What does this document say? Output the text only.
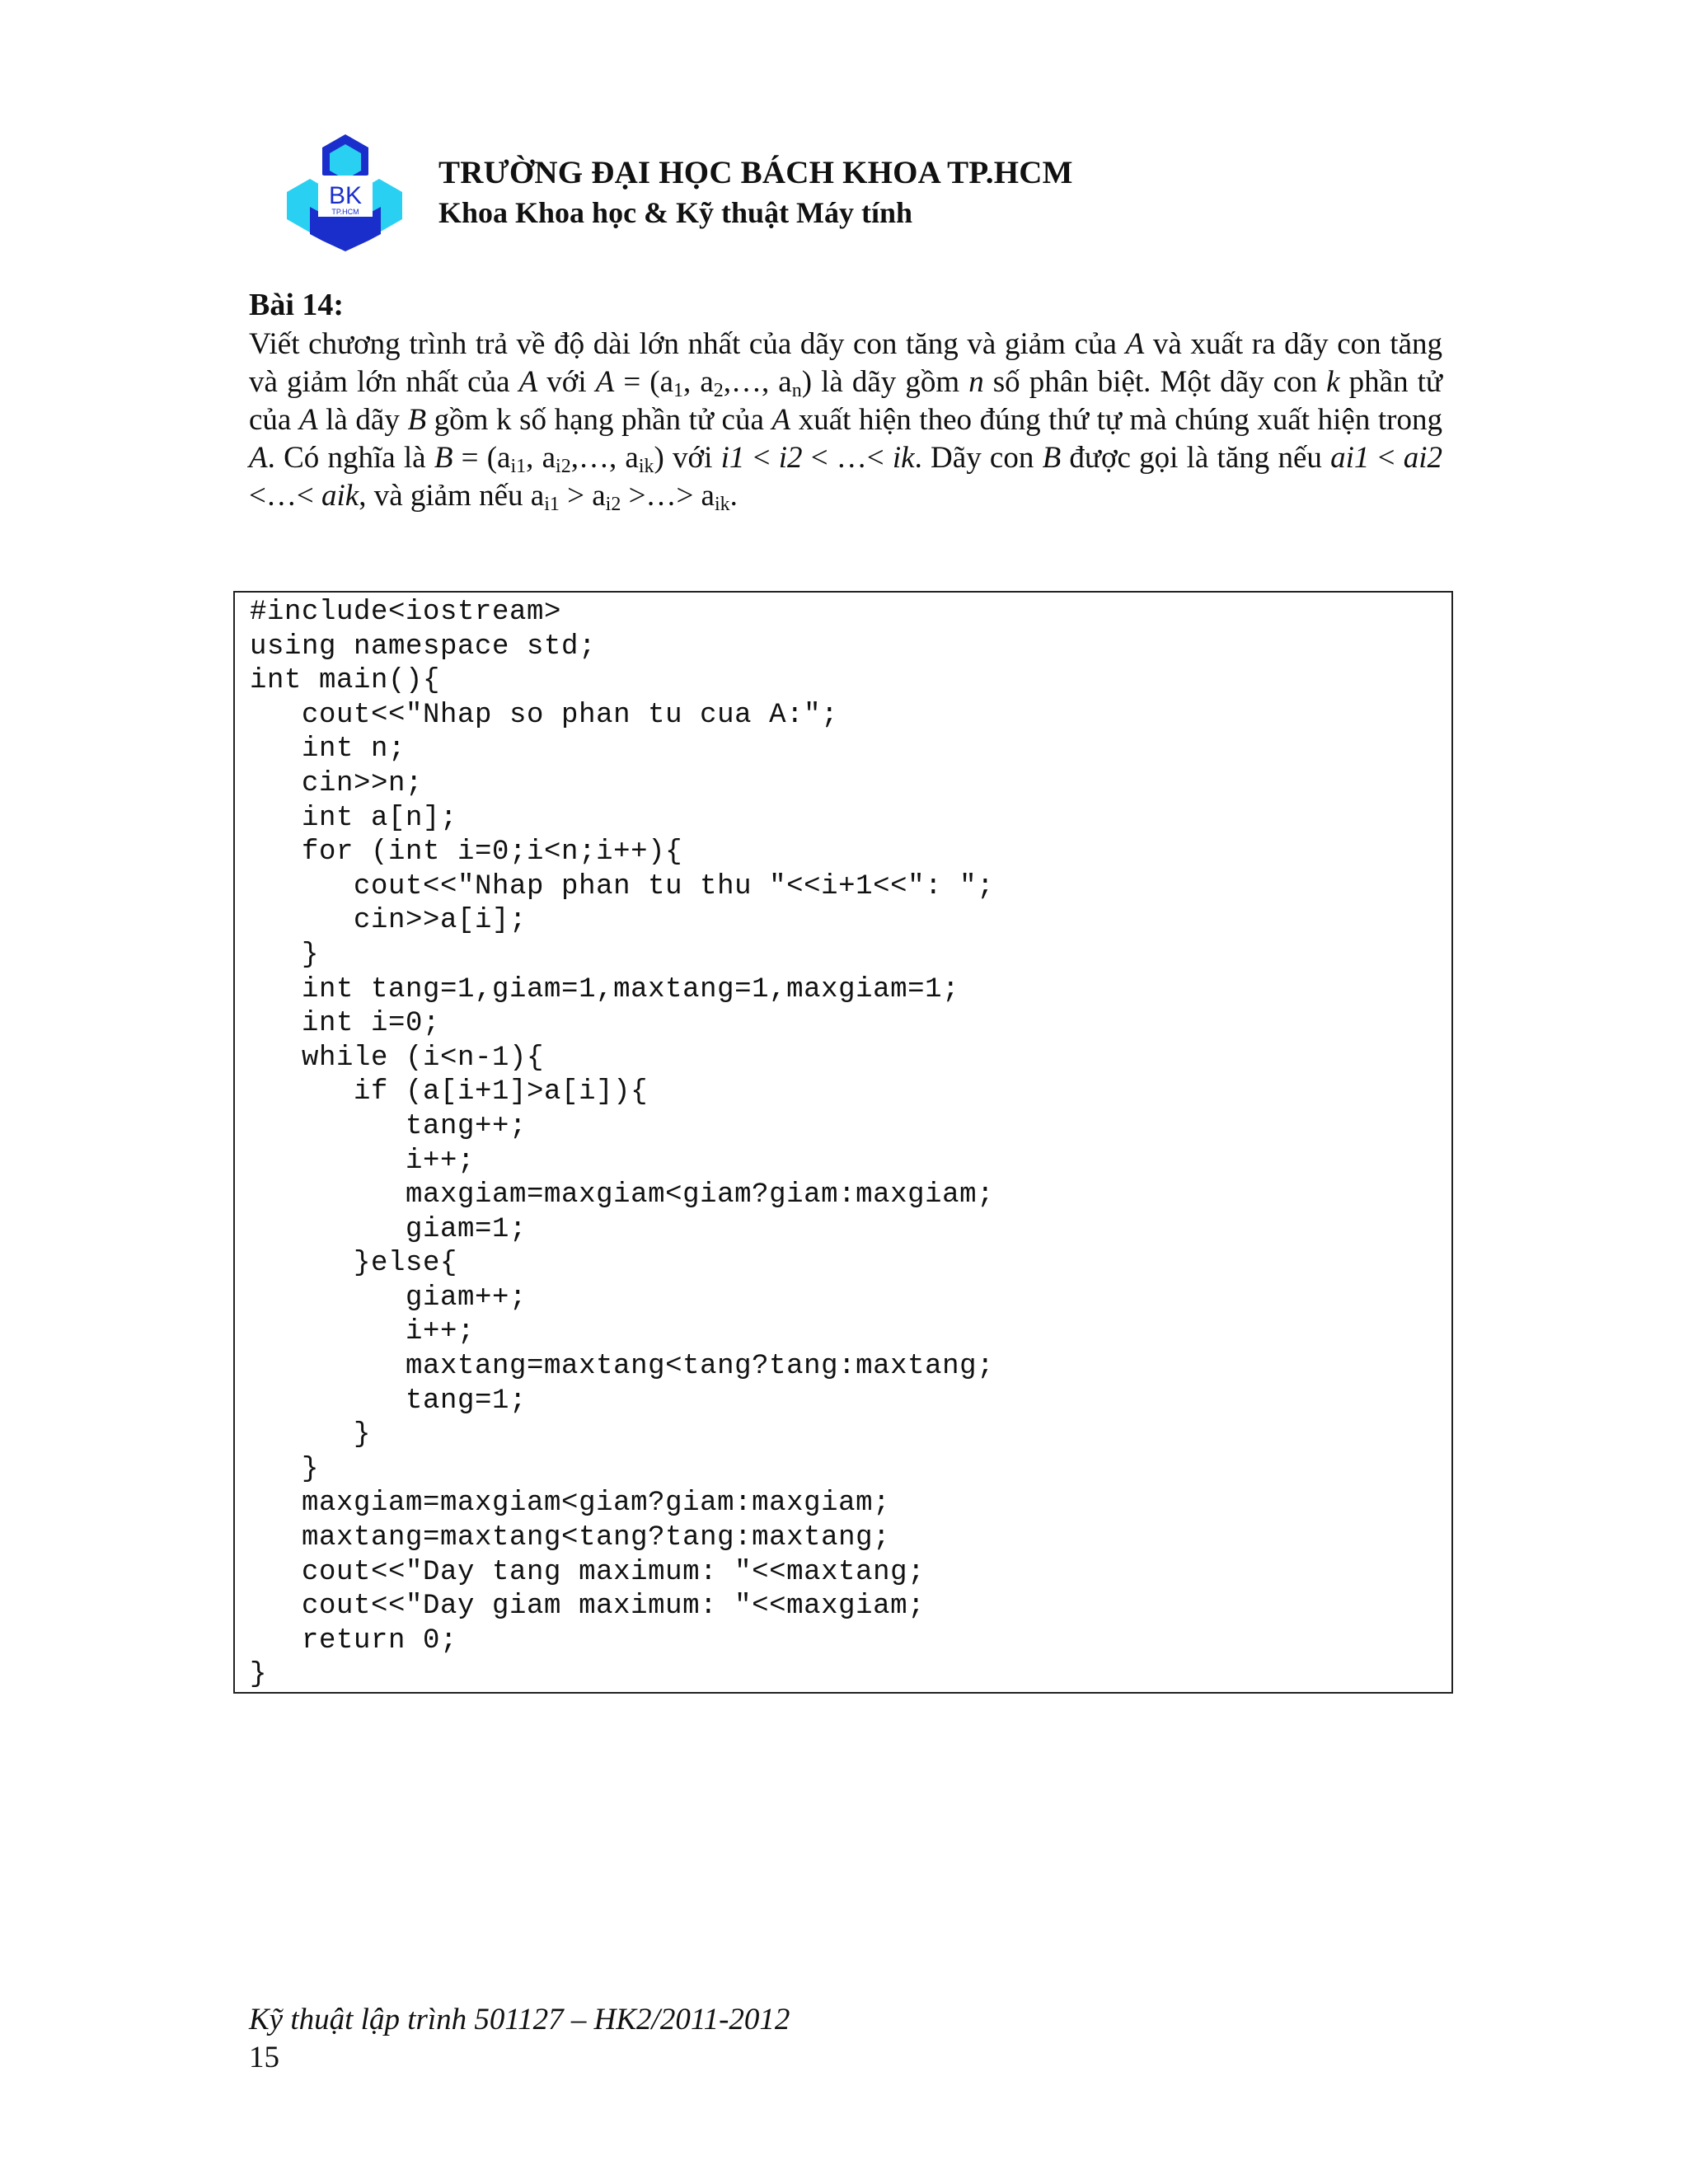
BK
TP.HCM
TRƯỜNG ĐẠI HỌC BÁCH KHOA TP.HCM
Khoa Khoa học & Kỹ thuật Máy tính
Bài 14:

Viết chương trình trả về độ dài lớn nhất của dãy con tăng và giảm của A và xuất ra dãy con tăng và giảm lớn nhất của A với $A = (a_1$, $a_2,\dots$, $a_n$) là dãy gồm n số phân biệt. Một dãy con k phần tử của A là dãy B gồm k số hạng phần tử của A xuất hiện theo đúng thứ tự mà chúng xuất hiện trong A. Có nghĩa là $B = (a_{i1}$, $a_{i2},\dots$, $a_{ik}$) với i1 < i2 < …< ik. Dãy con B được gọi là tăng nếu ai1 < ai2 <…< aik, và giảm nếu $a_{i1} > a_{i2}$ >…> $a_{ik}$.

#include<iostream>
using namespace std;
int main(){
cout<<"Nhap so phan tu cua A:";
int n;
cin>>n;
int a[n];
for (int i=0;i<n;i++){
cout<<"Nhap phan tu thu "<<i+1<<": ";
cin>>a[i];
}
int tang=1,giam=1,maxtang=1,maxgiam=1;
int i=0;
while (i<n-1){
if (a[i+1]>a[i]){
tang++;
i++;
maxgiam=maxgiam<giam?giam:maxgiam;
giam=1;
}else{
giam++;
i++;
maxtang=maxtang<tang?tang:maxtang;
tang=1;
}
}
maxgiam=maxgiam<giam?giam:maxgiam;
maxtang=maxtang<tang?tang:maxtang;
cout<<"Day tang maximum: "<<maxtang;
cout<<"Day giam maximum: "<<maxgiam;
return 0;
}
Kỹ thuật lập trình 501127 – HK2/2011-2012
15
